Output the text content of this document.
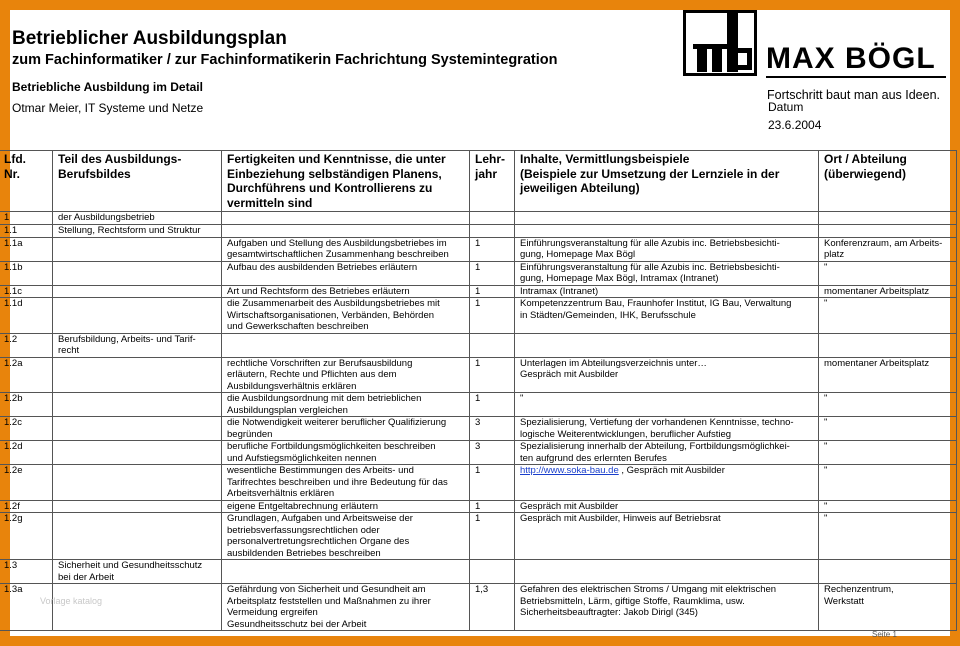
Betrieblicher Ausbildungsplan
zum Fachinformatiker / zur Fachinformatikerin Fachrichtung Systemintegration
Betriebliche Ausbildung im Detail
Otmar Meier, IT Systeme und Netze	Datum
23.6.2004
MAX BÖGL
Fortschritt baut man aus Ideen.
Lfd.
Nr.	Teil des Ausbildungs-
Berufsbildes	Fertigkeiten und Kenntnisse, die unter
Einbeziehung selbständigen Planens,
Durchführens und Kontrollierens zu
vermitteln sind	Lehr-
jahr	Inhalte, Vermittlungsbeispiele
(Beispiele zur Umsetzung der Lernziele in der
jeweiligen Abteilung)	Ort / Abteilung
(überwiegend)
1	der Ausbildungsbetrieb				
1.1	Stellung, Rechtsform und Struktur				
1.1a		Aufgaben und Stellung des Ausbildungsbetriebes im
gesamtwirtschaftlichen Zusammenhang beschreiben	1	Einführungsveranstaltung für alle Azubis inc. Betriebsbesichti-
gung, Homepage Max Bögl	Konferenzraum, am Arbeits-
platz
1.1b		Aufbau des ausbildenden Betriebes erläutern	1	Einführungsveranstaltung für alle Azubis inc. Betriebsbesichti-
gung, Homepage Max Bögl, Intramax (Intranet)	"
1.1c		Art und Rechtsform des Betriebes erläutern	1	Intramax (Intranet)	momentaner Arbeitsplatz
1.1d		die Zusammenarbeit des Ausbildungsbetriebes mit
Wirtschaftsorganisationen, Verbänden, Behörden
und Gewerkschaften beschreiben	1	Kompetenzzentrum Bau, Fraunhofer Institut, IG Bau, Verwaltung
in Städten/Gemeinden, IHK, Berufsschule	"
1.2	Berufsbildung, Arbeits- und Tarif-
recht				
1.2a		rechtliche Vorschriften zur Berufsausbildung
erläutern, Rechte und Pflichten aus dem
Ausbildungsverhältnis erklären	1	Unterlagen im Abteilungsverzeichnis unter…
Gespräch mit Ausbilder	momentaner Arbeitsplatz
1.2b		die Ausbildungsordnung mit dem betrieblichen
Ausbildungsplan vergleichen	1	"	"
1.2c		die Notwendigkeit weiterer beruflicher Qualifizierung
begründen	3	Spezialisierung, Vertiefung der vorhandenen Kenntnisse, techno-
logische Weiterentwicklungen, beruflicher Aufstieg	"
1.2d		berufliche Fortbildungsmöglichkeiten beschreiben
und Aufstiegsmöglichkeiten nennen	3	Spezialisierung innerhalb der Abteilung, Fortbildungsmöglichkei-
ten aufgrund des erlernten Berufes	"
1.2e		wesentliche Bestimmungen des Arbeits- und
Tarifrechtes beschreiben und ihre Bedeutung für das
Arbeitsverhältnis erklären	1	http://www.soka-bau.de , Gespräch mit Ausbilder	"
1.2f		eigene Entgeltabrechnung erläutern	1	Gespräch mit Ausbilder	"
1.2g		Grundlagen, Aufgaben und Arbeitsweise der
betriebsverfassungsrechtlichen oder
personalvertretungsrechtlichen Organe des
ausbildenden Betriebes beschreiben	1	Gespräch mit Ausbilder, Hinweis auf Betriebsrat	"
1.3	Sicherheit und Gesundheitsschutz
bei der Arbeit				
1.3a		Gefährdung von Sicherheit und Gesundheit am
Arbeitsplatz feststellen und Maßnahmen zu ihrer
Vermeidung ergreifen
Gesundheitsschutz bei der Arbeit	1,3	Gefahren des elektrischen Stroms / Umgang mit elektrischen
Betriebsmitteln, Lärm, giftige Stoffe, Raumklima, usw.
Sicherheitsbeauftragter: Jakob Dirigl (345)	Rechenzentrum,
Werkstatt
Vorlage katalog
Seite 1
